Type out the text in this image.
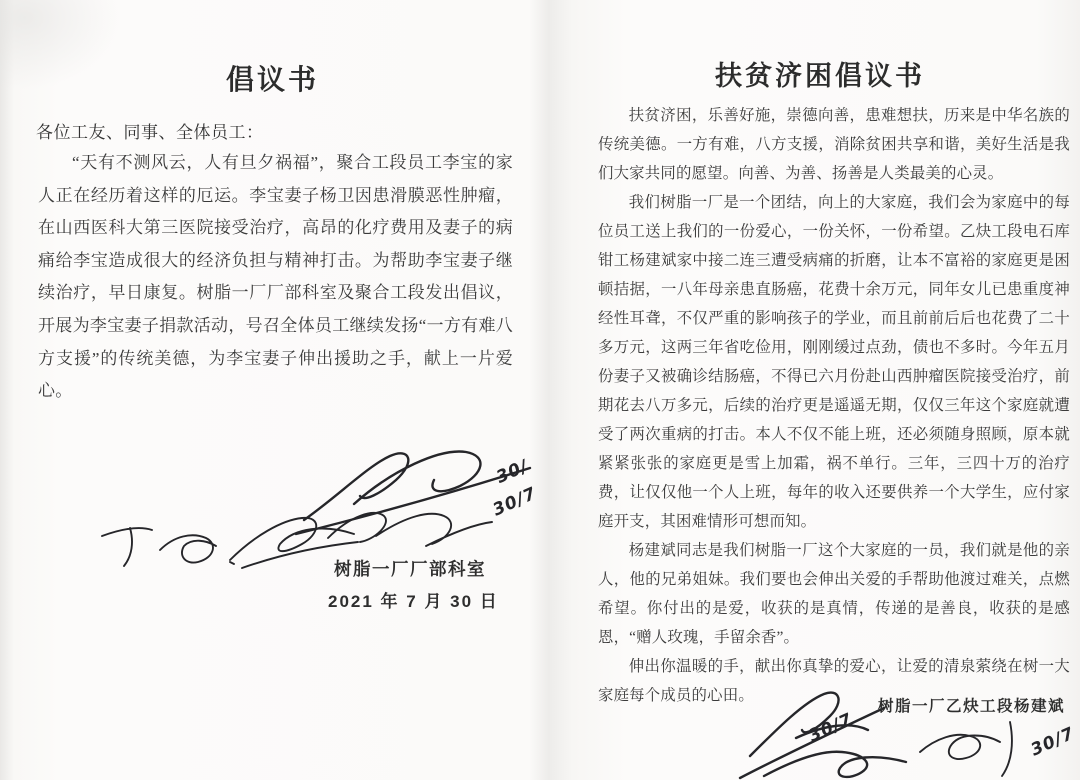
倡议书

各位工友、同事、全体员工：

“天有不测风云，人有旦夕祸福”，聚合工段员工李宝的家人正在经历着这样的厄运。李宝妻子杨卫因患滑膜恶性肿瘤，在山西医科大第三医院接受治疗，高昂的化疗费用及妻子的病痛给李宝造成很大的经济负担与精神打击。为帮助李宝妻子继续治疗，早日康复。树脂一厂厂部科室及聚合工段发出倡议，开展为李宝妻子捐款活动，号召全体员工继续发扬“一方有难八方支援”的传统美德，为李宝妻子伸出援助之手，献上一片爱心。

30/
30/7
树脂一厂厂部科室
2021 年 7 月 30 日
扶贫济困倡议书

扶贫济困，乐善好施，崇德向善，患难想扶，历来是中华名族的传统美德。一方有难，八方支援，消除贫困共享和谐，美好生活是我们大家共同的愿望。向善、为善、扬善是人类最美的心灵。

我们树脂一厂是一个团结，向上的大家庭，我们会为家庭中的每位员工送上我们的一份爱心，一份关怀，一份希望。乙炔工段电石库钳工杨建斌家中接二连三遭受病痛的折磨，让本不富裕的家庭更是困顿拮据，一八年母亲患直肠癌，花费十余万元，同年女儿已患重度神经性耳聋，不仅严重的影响孩子的学业，而且前前后后也花费了二十多万元，这两三年省吃俭用，刚刚缓过点劲，债也不多时。今年五月份妻子又被确诊结肠癌，不得已六月份赴山西肿瘤医院接受治疗，前期花去八万多元，后续的治疗更是遥遥无期，仅仅三年这个家庭就遭受了两次重病的打击。本人不仅不能上班，还必须随身照顾，原本就紧紧张张的家庭更是雪上加霜，祸不单行。三年，三四十万的治疗费，让仅仅他一个人上班，每年的收入还要供养一个大学生，应付家庭开支，其困难情形可想而知。

杨建斌同志是我们树脂一厂这个大家庭的一员，我们就是他的亲人，他的兄弟姐妹。我们要也会伸出关爱的手帮助他渡过难关，点燃希望。你付出的是爱，收获的是真情，传递的是善良，收获的是感恩，“赠人玫瑰，手留余香”。

伸出你温暖的手，献出你真挚的爱心，让爱的清泉萦绕在树一大家庭每个成员的心田。

30/7	30/7
树脂一厂乙炔工段杨建斌
